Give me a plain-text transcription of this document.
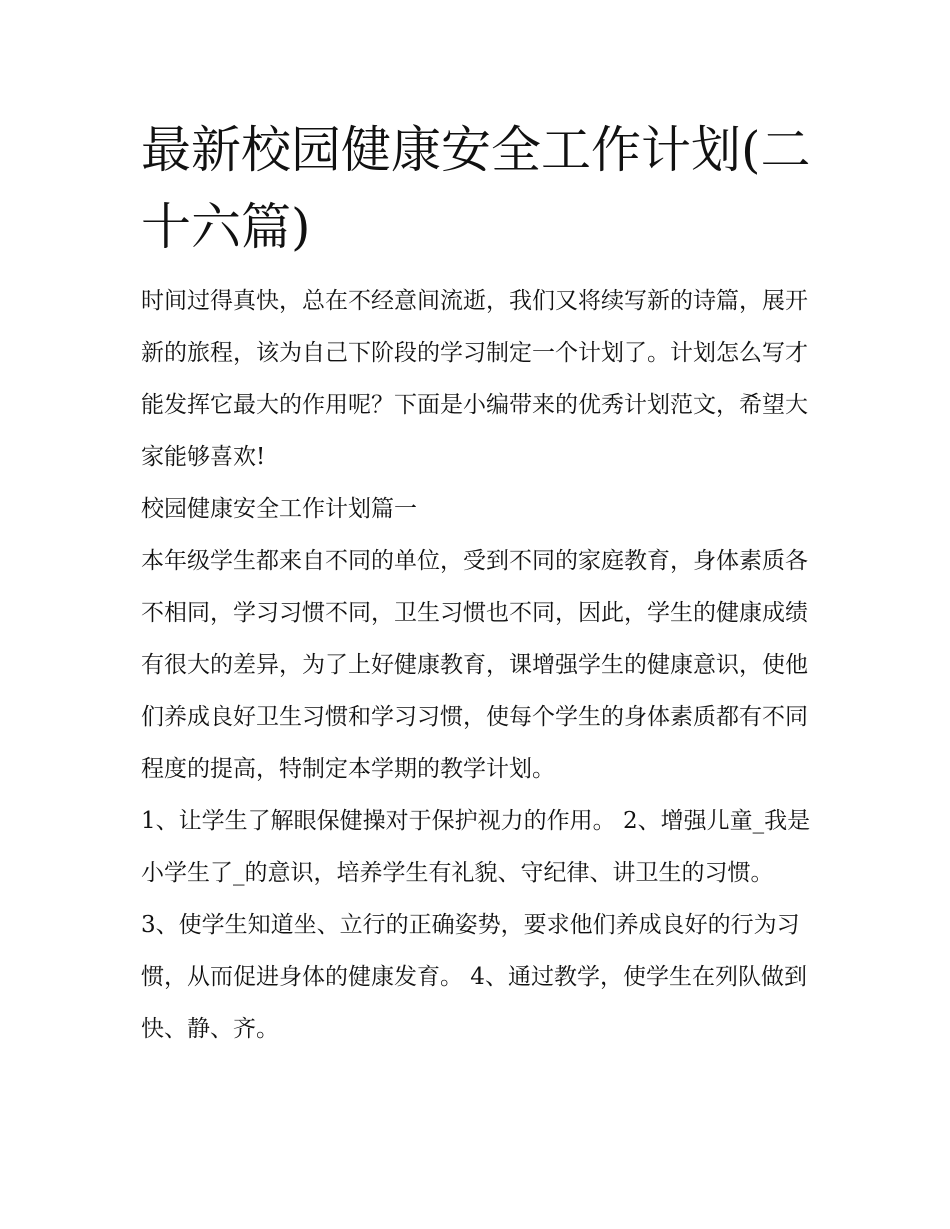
最新校园健康安全工作计划(二十六篇)

时间过得真快，总在不经意间流逝，我们又将续写新的诗篇，展开新的旅程，该为自己下阶段的学习制定一个计划了。计划怎么写才能发挥它最大的作用呢？下面是小编带来的优秀计划范文，希望大家能够喜欢!

校园健康安全工作计划篇一

本年级学生都来自不同的单位，受到不同的家庭教育，身体素质各不相同，学习习惯不同，卫生习惯也不同，因此，学生的健康成绩有很大的差异，为了上好健康教育，课增强学生的健康意识，使他们养成良好卫生习惯和学习习惯，使每个学生的身体素质都有不同程度的提高，特制定本学期的教学计划。

1、让学生了解眼保健操对于保护视力的作用。 2、增强儿童_我是小学生了_的意识，培养学生有礼貌、守纪律、讲卫生的习惯。

3、使学生知道坐、立行的正确姿势，要求他们养成良好的行为习惯，从而促进身体的健康发育。 4、通过教学，使学生在列队做到快、静、齐。
